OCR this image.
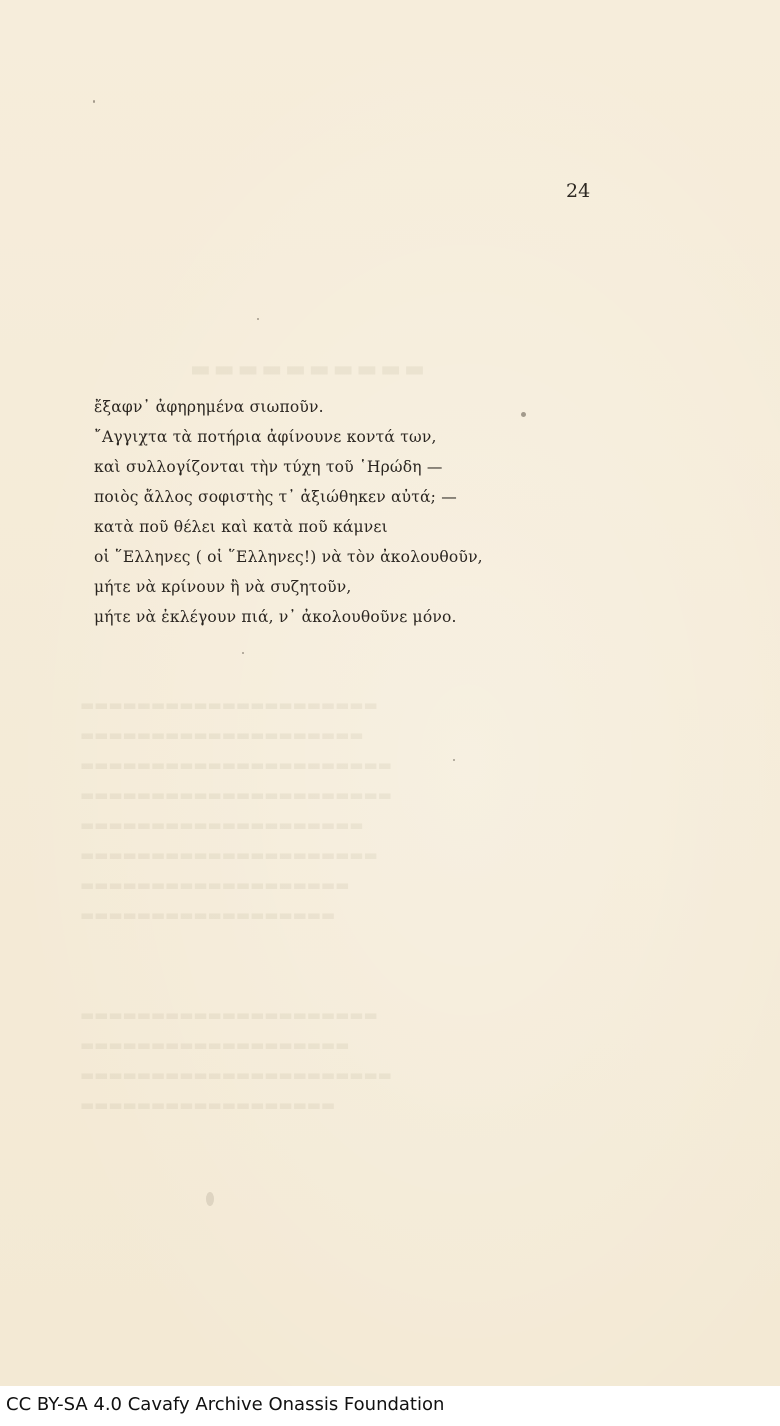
▬▬▬▬▬▬▬▬▬▬
▬▬▬▬▬▬▬▬▬▬▬▬▬▬▬▬▬▬▬▬▬
▬▬▬▬▬▬▬▬▬▬▬▬▬▬▬▬▬▬▬▬
▬▬▬▬▬▬▬▬▬▬▬▬▬▬▬▬▬▬▬▬▬▬
▬▬▬▬▬▬▬▬▬▬▬▬▬▬▬▬▬▬▬▬▬▬
▬▬▬▬▬▬▬▬▬▬▬▬▬▬▬▬▬▬▬▬
▬▬▬▬▬▬▬▬▬▬▬▬▬▬▬▬▬▬▬▬▬
▬▬▬▬▬▬▬▬▬▬▬▬▬▬▬▬▬▬▬
▬▬▬▬▬▬▬▬▬▬▬▬▬▬▬▬▬▬
▬▬▬▬▬▬▬▬▬▬▬▬▬▬▬▬▬▬▬▬▬
▬▬▬▬▬▬▬▬▬▬▬▬▬▬▬▬▬▬▬
▬▬▬▬▬▬▬▬▬▬▬▬▬▬▬▬▬▬▬▬▬▬
▬▬▬▬▬▬▬▬▬▬▬▬▬▬▬▬▬▬
24
ἔξαφν᾽ ἀφηρημένα σιωποῦν.
῎Αγγιχτα τὰ ποτήρια ἀφίνουνε κοντά των,
καὶ συλλογίζονται τὴν τύχη τοῦ ῾Ηρώδη —
ποιὸς ἄλλος σοφιστὴς τ᾽ ἀξιώθηκεν αὐτά; —
κατὰ ποῦ θέλει καὶ κατὰ ποῦ κάμνει
οἱ ῞Ελληνες ( οἱ ῞Ελληνες!) νὰ τὸν ἀκολουθοῦν,
μήτε νὰ κρίνουν ἢ νὰ συζητοῦν,
μήτε νὰ ἐκλέγουν πιά, ν᾽ ἀκολουθοῦνε μόνο.
CC BY-SA 4.0 Cavafy Archive Onassis Foundation
